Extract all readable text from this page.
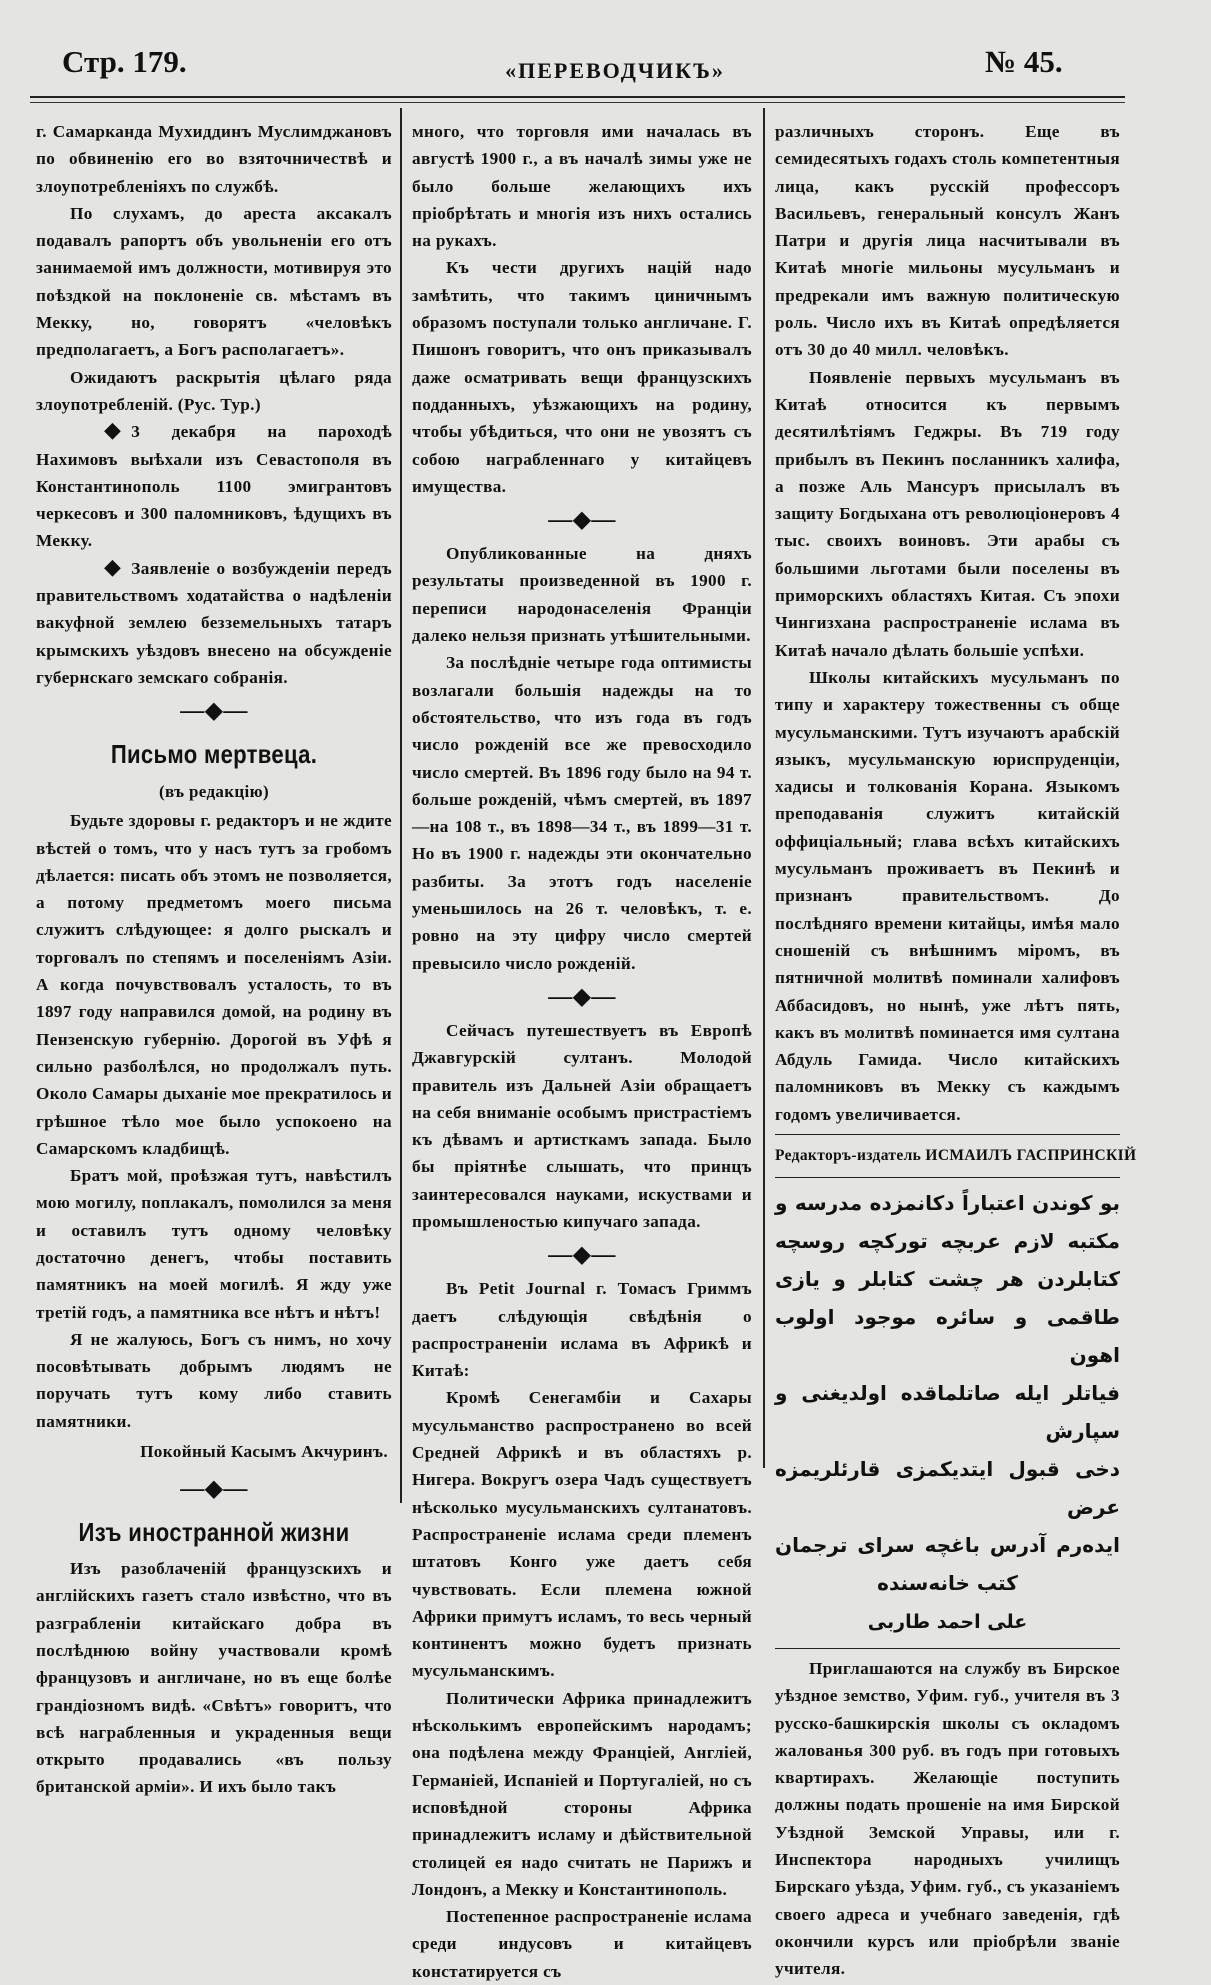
Стр. 179.	«ПЕРЕВОДЧИКЪ»	№ 45.

г. Самарканда Мухиддинъ Муслимджановъ по обвиненію его во взяточничествѣ и злоупотребленіяхъ по службѣ.

По слухамъ, до ареста аксакалъ подавалъ рапортъ объ увольненіи его отъ занимаемой имъ должности, мотивируя это поѣздкой на поклоненіе св. мѣстамъ въ Мекку, но, говорятъ «человѣкъ предполагаетъ, а Богъ располагаетъ».

Ожидаютъ раскрытія цѣлаго ряда злоупотребленій. (Рус. Тур.)

◆ 3 декабря на пароходѣ Нахимовъ выѣхали изъ Севастополя въ Константинополь 1100 эмигрантовъ черкесовъ и 300 паломниковъ, ѣдущихъ въ Мекку.

◆ Заявленіе о возбужденіи передъ правительствомъ ходатайства о надѣленіи вакуфной землею безземельныхъ татаръ крымскихъ уѣздовъ внесено на обсужденіе губернскаго земскаго собранія.

—◆—
Письмо мертвеца.
(въ редакцію)

Будьте здоровы г. редакторъ и не ждите вѣстей о томъ, что у насъ тутъ за гробомъ дѣлается: писать объ этомъ не позволяется, а потому предметомъ моего письма служитъ слѣдующее: я долго рыскалъ и торговалъ по степямъ и поселеніямъ Азіи. А когда почувствовалъ усталость, то въ 1897 году направился домой, на родину въ Пензенскую губернію. Дорогой въ Уфѣ я сильно разболѣлся, но продолжалъ путь. Около Самары дыханіе мое прекратилось и грѣшное тѣло мое было успокоено на Самарскомъ кладбищѣ.

Братъ мой, проѣзжая тутъ, навѣстилъ мою могилу, поплакалъ, помолился за меня и оставилъ тутъ одному человѣку достаточно денегъ, чтобы поставить памятникъ на моей могилѣ. Я жду уже третій годъ, а памятника все нѣтъ и нѣтъ!

Я не жалуюсь, Богъ съ нимъ, но хочу посовѣтывать добрымъ людямъ не поручать тутъ кому либо ставить памятники.

Покойный Касымъ Акчуринъ.
—◆—
Изъ иностранной жизни

Изъ разоблаченій французскихъ и англійскихъ газетъ стало извѣстно, что въ разграбленіи китайскаго добра въ послѣднюю войну участвовали кромѣ французовъ и англичане, но въ еще болѣе грандіозномъ видѣ. «Свѣтъ» говоритъ, что всѣ награбленныя и украденныя вещи открыто продавались «въ пользу британской арміи». И ихъ было такъ

много, что торговля ими началась въ августѣ 1900 г., а въ началѣ зимы уже не было больше желающихъ ихъ пріобрѣтать и многія изъ нихъ остались на рукахъ.

Къ чести другихъ націй надо замѣтить, что такимъ циничнымъ образомъ поступали только англичане. Г. Пишонъ говоритъ, что онъ приказывалъ даже осматривать вещи французскихъ подданныхъ, уѣзжающихъ на родину, чтобы убѣдиться, что они не увозятъ съ собою награбленнаго у китайцевъ имущества.

—◆—

Опубликованные на дняхъ результаты произведенной въ 1900 г. переписи народонаселенія Франціи далеко нельзя признать утѣшительными.

За послѣдніе четыре года оптимисты возлагали большія надежды на то обстоятельство, что изъ года въ годъ число рожденій все же превосходило число смертей. Въ 1896 году было на 94 т. больше рожденій, чѣмъ смертей, въ 1897—на 108 т., въ 1898—34 т., въ 1899—31 т. Но въ 1900 г. надежды эти окончательно разбиты. За этотъ годъ населеніе уменьшилось на 26 т. человѣкъ, т. е. ровно на эту цифру число смертей превысило число рожденій.

—◆—

Сейчасъ путешествуетъ въ Европѣ Джавгурскій султанъ. Молодой правитель изъ Дальней Азіи обращаетъ на себя вниманіе особымъ пристрастіемъ къ дѣвамъ и артисткамъ запада. Было бы пріятнѣе слышать, что принцъ заинтересовался науками, искуствами и промышленостью кипучаго запада.

—◆—

Въ Petit Journal г. Томасъ Гриммъ даетъ слѣдующія свѣдѣнія о распространеніи ислама въ Африкѣ и Китаѣ:

Кромѣ Сенегамбіи и Сахары мусульманство распространено во всей Средней Африкѣ и въ областяхъ р. Нигера. Вокругъ озера Чадъ существуетъ нѣсколько мусульманскихъ султанатовъ. Распространеніе ислама среди племенъ штатовъ Конго уже даетъ себя чувствовать. Если племена южной Африки примутъ исламъ, то весь черный континентъ можно будетъ признать мусульманскимъ.

Политически Африка принадлежитъ нѣсколькимъ европейскимъ народамъ; она подѣлена между Франціей, Англіей, Германіей, Испаніей и Португаліей, но съ исповѣдной стороны Африка принадлежитъ исламу и дѣйствительной столицей ея надо считать не Парижъ и Лондонъ, а Мекку и Константинополь.

Постепенное распространеніе ислама среди индусовъ и китайцевъ констатируется съ

различныхъ сторонъ. Еще въ семидесятыхъ годахъ столь компетентныя лица, какъ русскій профессоръ Васильевъ, генеральный консулъ Жанъ Патри и другія лица насчитывали въ Китаѣ многіе мильоны мусульманъ и предрекали имъ важную политическую роль. Число ихъ въ Китаѣ опредѣляется отъ 30 до 40 милл. человѣкъ.

Появленіе первыхъ мусульманъ въ Китаѣ относится къ первымъ десятилѣтіямъ Геджры. Въ 719 году прибылъ въ Пекинъ посланникъ халифа, а позже Аль Мансуръ присылалъ въ защиту Богдыхана отъ революціонеровъ 4 тыс. своихъ воиновъ. Эти арабы съ большими льготами были поселены въ приморскихъ областяхъ Китая. Съ эпохи Чингизхана распространеніе ислама въ Китаѣ начало дѣлать большіе успѣхи.

Школы китайскихъ мусульманъ по типу и характеру тожественны съ обще мусульманскими. Тутъ изучаютъ арабскій языкъ, мусульманскую юриспруденціи, хадисы и толкованія Корана. Языкомъ преподаванія служитъ китайскій оффиціальный; глава всѣхъ китайскихъ мусульманъ проживаетъ въ Пекинѣ и признанъ правительствомъ. До послѣдняго времени китайцы, имѣя мало сношеній съ внѣшнимъ міромъ, въ пятничной молитвѣ поминали халифовъ Аббасидовъ, но нынѣ, уже лѣтъ пять, какъ въ молитвѣ поминается имя султана Абдуль Гамида. Число китайскихъ паломниковъ въ Мекку съ каждымъ годомъ увеличивается.

Редакторъ-издатель ИСМАИЛЪ ГАСПРИНСКІЙ
بو كوندن اعتباراً دكانمزده مدرسه و
مكتبه لازم عربچه توركچه روسچه
كتابلردن هر چشت كتابلر و يازى
طاقمى و سائره موجود اولوب اهون
فياتلر ايله صاتلماقده اولديغنى و سپارش
دخى قبول ايتديكمزى قارئلريمزه عرض
ايده‌رم آدرس باغچه سراى ترجمان
كتب خانه‌سنده
على احمد طاربى

Приглашаются на службу въ Бирское уѣздное земство, Уфим. губ., учителя въ 3 русско-башкирскія школы съ окладомъ жалованья 300 руб. въ годъ при готовыхъ квартирахъ. Желающіе поступить должны подать прошеніе на имя Бирской Уѣздной Земской Управы, или г. Инспектора народныхъ училищъ Бирскаго уѣзда, Уфим. губ., съ указаніемъ своего адреса и учебнаго заведенія, гдѣ окончили курсъ или пріобрѣли званіе учителя.
